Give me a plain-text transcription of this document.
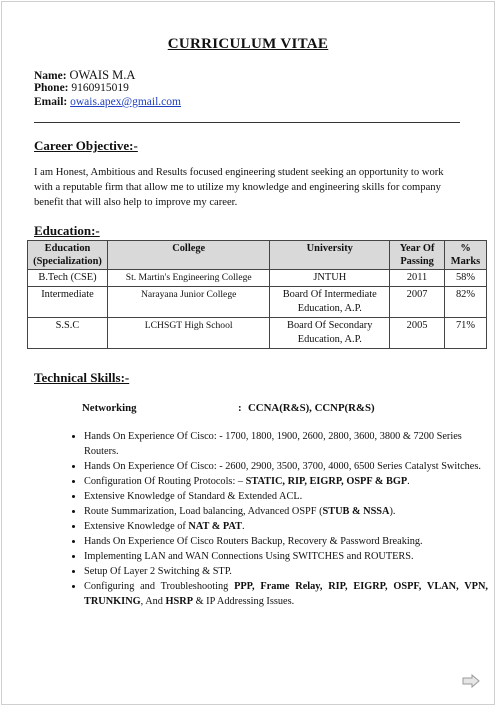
CURRICULUM VITAE
Name: OWAIS M.A
Phone: 9160915019
Email: owais.apex@gmail.com
Career Objective:-
I am Honest, Ambitious and Results focused engineering student seeking an opportunity to work with a reputable firm that allow me to utilize my knowledge and engineering skills for company benefit that will also help to improve my career.
Education:-
Education (Specialization)	College	University	Year Of Passing	% Marks
B.Tech (CSE)	St. Martin's Engineering College	JNTUH	2011	58%
Intermediate	Narayana Junior College	Board Of Intermediate Education, A.P.	2007	82%
S.S.C	LCHSGT High School	Board Of Secondary Education, A.P.	2005	71%
Technical Skills:-
Networking	: CCNA(R&S), CCNP(R&S)
• Hands On Experience Of Cisco: - 1700, 1800, 1900, 2600, 2800, 3600, 3800 & 7200 Series Routers.
• Hands On Experience Of Cisco: - 2600, 2900, 3500, 3700, 4000, 6500 Series Catalyst Switches.
• Configuration Of Routing Protocols: – STATIC, RIP, EIGRP, OSPF & BGP.
• Extensive Knowledge of Standard & Extended ACL.
• Route Summarization, Load balancing, Advanced OSPF (STUB & NSSA).
• Extensive Knowledge of NAT & PAT.
• Hands On Experience Of Cisco Routers Backup, Recovery & Password Breaking.
• Implementing LAN and WAN Connections Using SWITCHES and ROUTERS.
• Setup Of Layer 2 Switching & STP.
• Configuring and Troubleshooting PPP, Frame Relay, RIP, EIGRP, OSPF, VLAN, VPN, TRUNKING, And HSRP & IP Addressing Issues.
